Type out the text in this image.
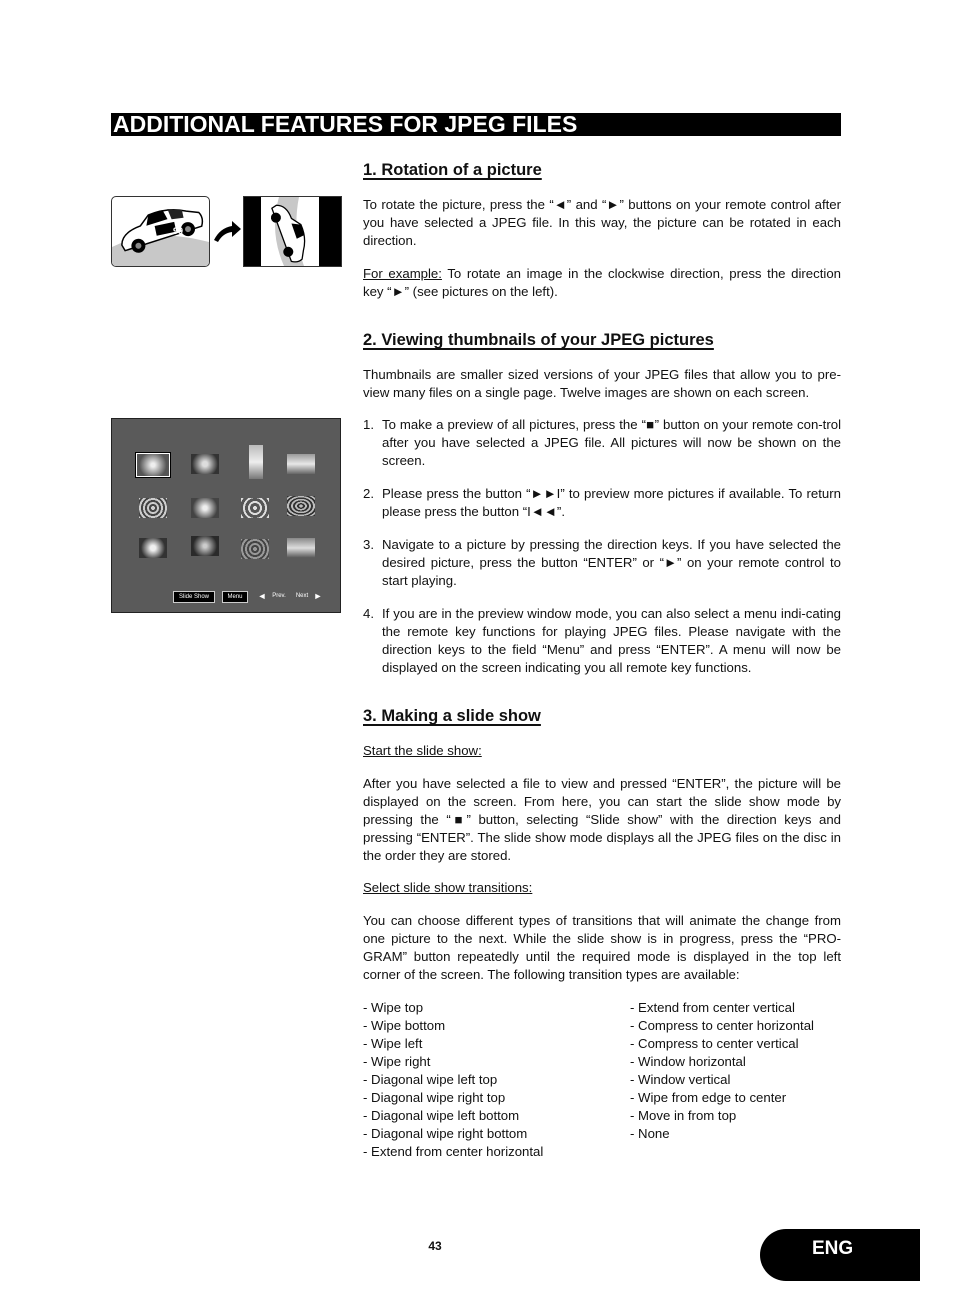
ADDITIONAL FEATURES FOR JPEG FILES
99
Slide Show	Menu	◄ Prev.	Next ►
1. Rotation of a picture

To rotate the picture, press the “◄” and “►” buttons on your remote control after you have selected a JPEG file. In this way, the picture can be rotated in each direction.

For example: To rotate an image in the clockwise direction, press the direction key “►” (see pictures on the left).

2. Viewing thumbnails of your JPEG pictures

Thumbnails are smaller sized versions of your JPEG files that allow you to pre-view many files on a single page. Twelve images are shown on each screen.

1. To make a preview of all pictures, press the “■” button on your remote con-trol after you have selected a JPEG file. All pictures will now be shown on the screen.
2. Please press the button “►►I” to preview more pictures if available. To return please press the button “I◄◄”.
3. Navigate to a picture by pressing the direction keys. If you have selected the desired picture, press the button “ENTER” or “►” on your remote control to start playing.
4. If you are in the preview window mode, you can also select a menu indi-cating the remote key functions for playing JPEG files. Please navigate with the direction keys to the field “Menu” and press “ENTER”. A menu will now be displayed on the screen indicating you all remote key functions.
3. Making a slide show

Start the slide show:

After you have selected a file to view and pressed “ENTER”, the picture will be displayed on the screen. From here, you can start the slide show mode by pressing the “■” button, selecting “Slide show” with the direction keys and pressing “ENTER”. The slide show mode displays all the JPEG files on the disc in the order they are stored.

Select slide show transitions:

You can choose different types of transitions that will animate the change from one picture to the next. While the slide show is in progress, press the “PRO-GRAM” button repeatedly until the required mode is displayed in the top left corner of the screen. The following transition types are available:

- Wipe top
- Wipe bottom
- Wipe left
- Wipe right
- Diagonal wipe left top
- Diagonal wipe right top
- Diagonal wipe left bottom
- Diagonal wipe right bottom
- Extend from center horizontal
- Extend from center vertical
- Compress to center horizontal
- Compress to center vertical
- Window horizontal
- Window vertical
- Wipe from edge to center
- Move in from top
- None
43	ENG
